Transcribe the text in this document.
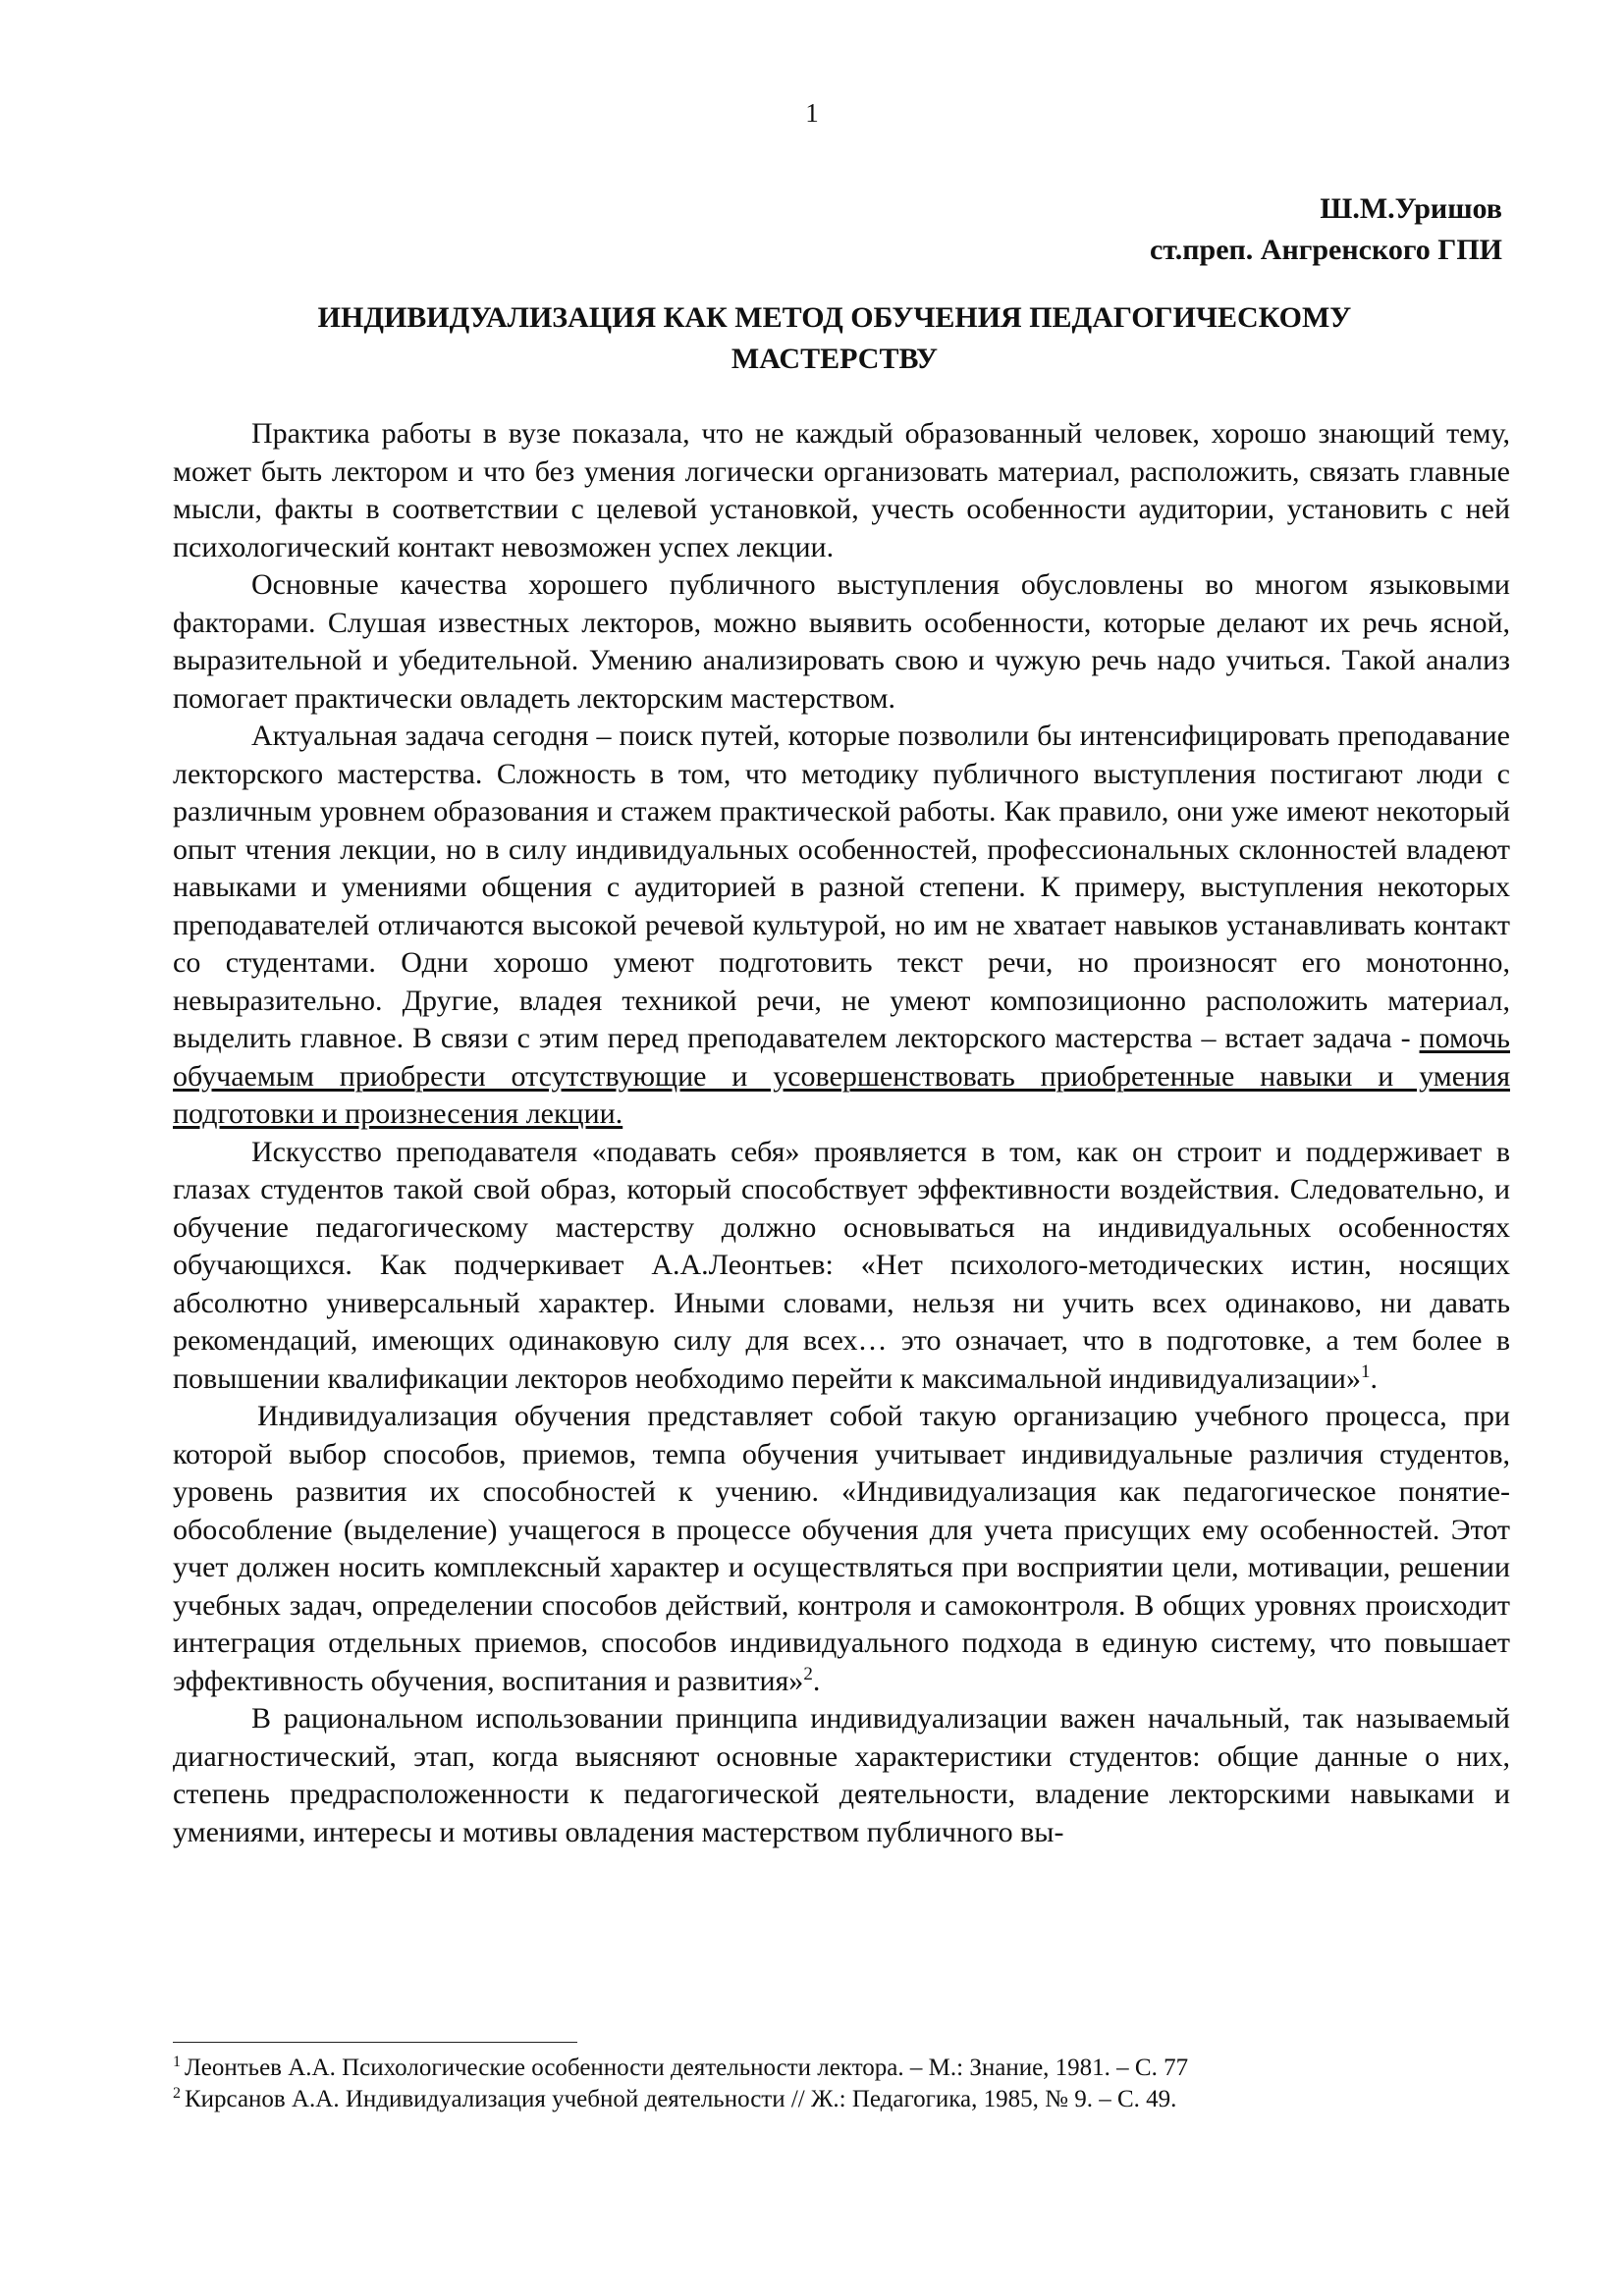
1
Ш.М.Уришов
ст.преп. Ангренского ГПИ
ИНДИВИДУАЛИЗАЦИЯ КАК МЕТОД ОБУЧЕНИЯ ПЕДАГОГИЧЕСКОМУ
МАСТЕРСТВУ

Практика работы в вузе показала, что не каждый образованный человек, хорошо знающий тему, может быть лектором и что без умения логически организовать материал, расположить, связать главные мысли, факты в соответствии с целевой установкой, учесть особенности аудитории, установить с ней психологический контакт невозможен успех лекции.

Основные качества хорошего публичного выступления обусловлены во многом языковыми факторами. Слушая известных лекторов, можно выявить особенности, которые делают их речь ясной, выразительной и убедительной. Умению анализировать свою и чужую речь надо учиться. Такой анализ помогает практически овладеть лекторским мастерством.

Актуальная задача сегодня – поиск путей, которые позволили бы интенсифицировать преподавание лекторского мастерства. Сложность в том, что методику публичного выступления постигают люди с различным уровнем образования и стажем практической работы. Как правило, они уже имеют некоторый опыт чтения лекции, но в силу индивидуальных особенностей, профессиональных склонностей владеют навыками и умениями общения с аудиторией в разной степени. К примеру, выступления некоторых преподавателей отличаются высокой речевой культурой, но им не хватает навыков устанавливать контакт со студентами. Одни хорошо умеют подготовить текст речи, но произносят его монотонно, невыразительно. Другие, владея техникой речи, не умеют композиционно расположить материал, выделить главное. В связи с этим перед преподавателем лекторского мастерства – встает задача - помочь обучаемым приобрести отсутствующие и усовершенствовать приобретенные навыки и умения подготовки и произнесения лекции.

Искусство преподавателя «подавать себя» проявляется в том, как он строит и поддерживает в глазах студентов такой свой образ, который способствует эффективности воздействия. Следовательно, и обучение педагогическому мастерству должно основываться на индивидуальных особенностях обучающихся. Как подчеркивает А.А.Леонтьев: «Нет психолого-методических истин, носящих абсолютно универсальный характер. Иными словами, нельзя ни учить всех одинаково, ни давать рекомендаций, имеющих одинаковую силу для всех… это означает, что в подготовке, а тем более в повышении квалификации лекторов необходимо перейти к максимальной индивидуализации»$^1$.

Индивидуализация обучения представляет собой такую организацию учебного процесса, при которой выбор способов, приемов, темпа обучения учитывает индивидуальные различия студентов, уровень развития их способностей к учению. «Индивидуализация как педагогическое понятие-обособление (выделение) учащегося в процессе обучения для учета присущих ему особенностей. Этот учет должен носить комплексный характер и осуществляться при восприятии цели, мотивации, решении учебных задач, определении способов действий, контроля и самоконтроля. В общих уровнях происходит интеграция отдельных приемов, способов индивидуального подхода в единую систему, что повышает эффективность обучения, воспитания и развития»$^2$.

В рациональном использовании принципа индивидуализации важен начальный, так называемый диагностический, этап, когда выясняют основные характеристики студентов: общие данные о них, степень предрасположенности к педагогической деятельности, владение лекторскими навыками и умениями, интересы и мотивы овладения мастерством публичного вы-

$^1$ Леонтьев А.А. Психологические особенности деятельности лектора. – М.: Знание, 1981. – С. 77
$^2$ Кирсанов А.А. Индивидуализация учебной деятельности // Ж.: Педагогика, 1985, № 9. – С. 49.
